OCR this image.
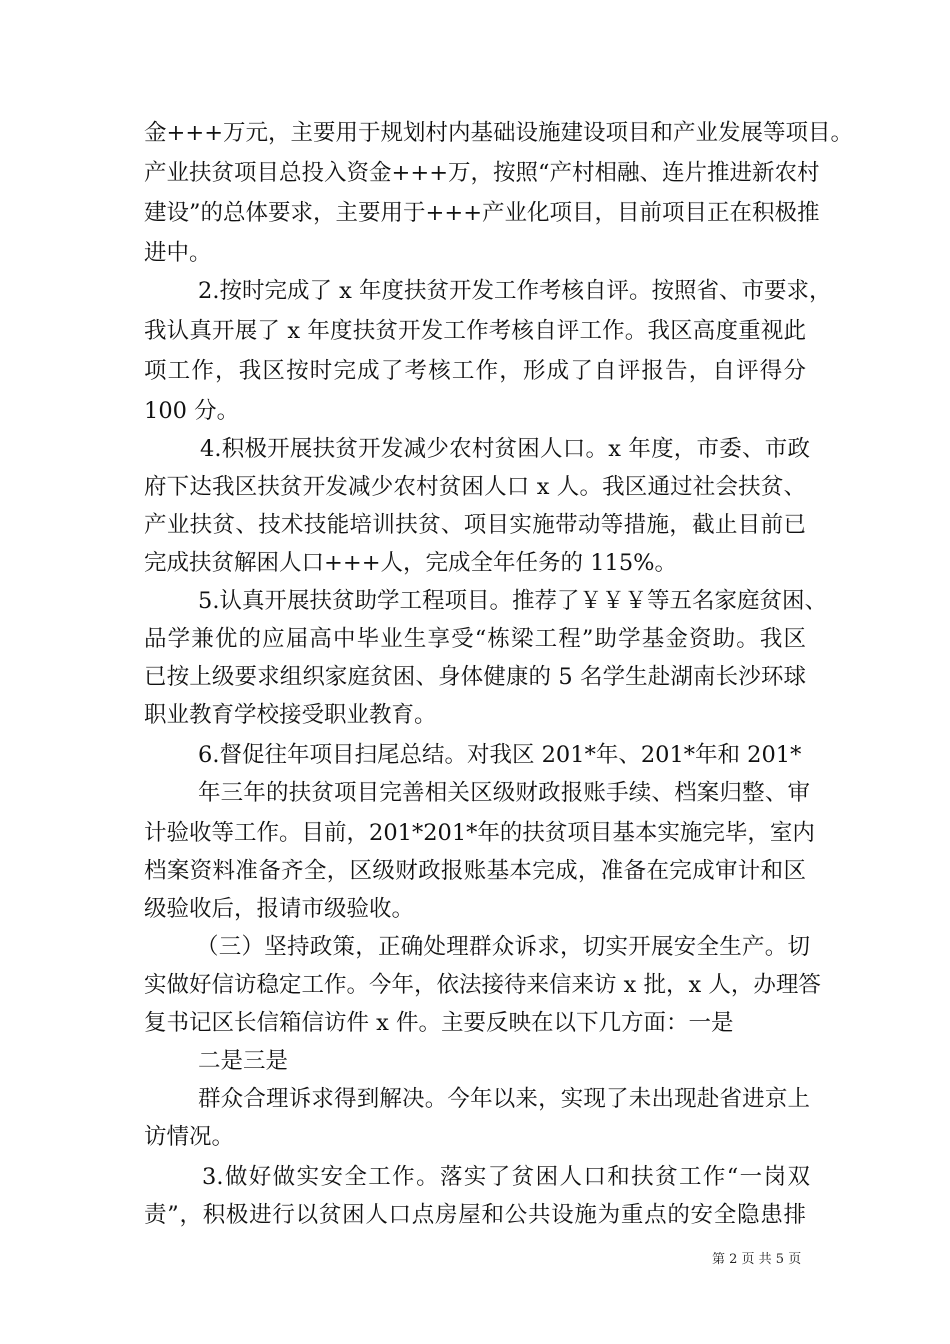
金+++万元，主要用于规划村内基础设施建设项目和产业发展等项目。

产业扶贫项目总投入资金+++万，按照“产村相融、连片推进新农村

建设”的总体要求，主要用于+++产业化项目，目前项目正在积极推

进中。

2.按时完成了 x 年度扶贫开发工作考核自评。按照省、市要求，

我认真开展了 x 年度扶贫开发工作考核自评工作。我区高度重视此

项工作，我区按时完成了考核工作，形成了自评报告，自评得分

100 分。

4.积极开展扶贫开发减少农村贫困人口。x 年度，市委、市政

府下达我区扶贫开发减少农村贫困人口 x 人。我区通过社会扶贫、

产业扶贫、技术技能培训扶贫、项目实施带动等措施，截止目前已

完成扶贫解困人口+++人，完成全年任务的 115%。

5.认真开展扶贫助学工程项目。推荐了￥￥￥等五名家庭贫困、

品学兼优的应届高中毕业生享受“栋梁工程”助学基金资助。我区

已按上级要求组织家庭贫困、身体健康的 5 名学生赴湖南长沙环球

职业教育学校接受职业教育。

6.督促往年项目扫尾总结。对我区 201*年、201*年和 201*

年三年的扶贫项目完善相关区级财政报账手续、档案归整、审

计验收等工作。目前，201*201*年的扶贫项目基本实施完毕，室内

档案资料准备齐全，区级财政报账基本完成，准备在完成审计和区

级验收后，报请市级验收。

（三）坚持政策，正确处理群众诉求，切实开展安全生产。切

实做好信访稳定工作。今年，依法接待来信来访 x 批，x 人，办理答

复书记区长信箱信访件 x 件。主要反映在以下几方面：一是

二是三是

群众合理诉求得到解决。今年以来，实现了未出现赴省进京上

访情况。

3.做好做实安全工作。落实了贫困人口和扶贫工作“一岗双

责”，积极进行以贫困人口点房屋和公共设施为重点的安全隐患排

第 2 页 共 5 页
